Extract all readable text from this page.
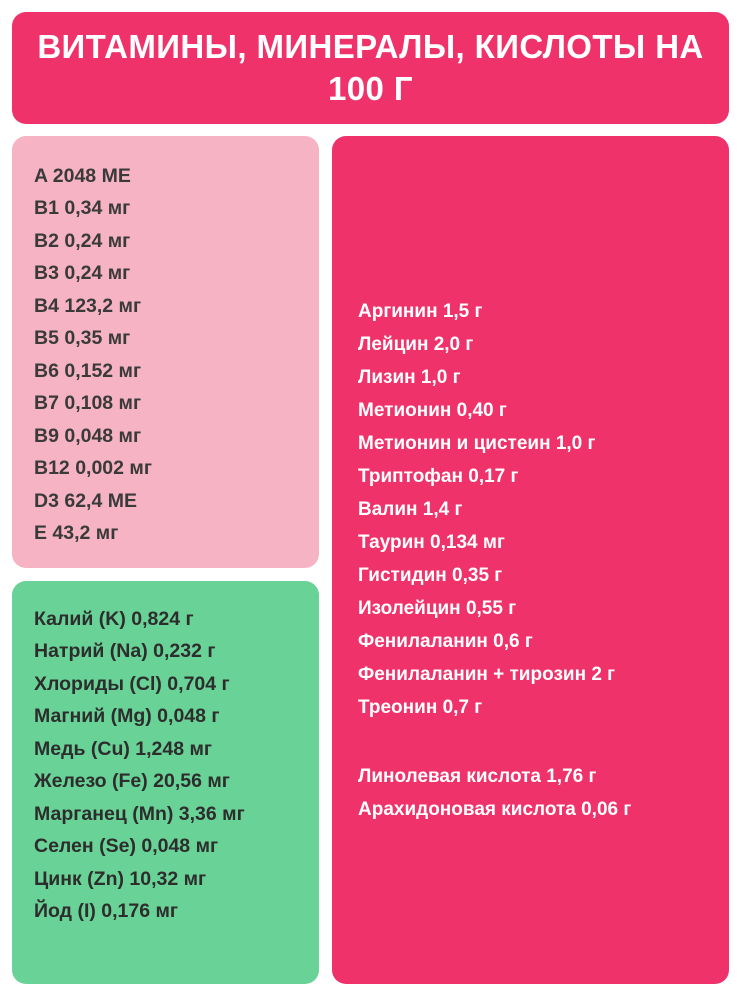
ВИТАМИНЫ, МИНЕРАЛЫ, КИСЛОТЫ НА 100 Г
A 2048 МЕ
B1 0,34 мг
B2 0,24 мг
B3 0,24 мг
B4 123,2 мг
B5 0,35 мг
B6 0,152 мг
B7 0,108 мг
B9 0,048 мг
B12 0,002 мг
D3 62,4 МЕ
E 43,2 мг
Калий (K) 0,824 г
Натрий (Na) 0,232 г
Хлориды (Cl) 0,704 г
Магний (Mg) 0,048 г
Медь (Cu) 1,248 мг
Железо (Fe) 20,56 мг
Марганец (Mn) 3,36 мг
Селен (Se) 0,048 мг
Цинк (Zn) 10,32 мг
Йод (I) 0,176 мг
Аргинин 1,5 г
Лейцин 2,0 г
Лизин 1,0 г
Метионин 0,40 г
Метионин и цистеин 1,0 г
Триптофан 0,17 г
Валин 1,4 г
Таурин 0,134 мг
Гистидин 0,35 г
Изолейцин 0,55 г
Фенилаланин 0,6 г
Фенилаланин + тирозин 2 г
Треонин 0,7 г
Линолевая кислота 1,76 г
Арахидоновая кислота 0,06 г
